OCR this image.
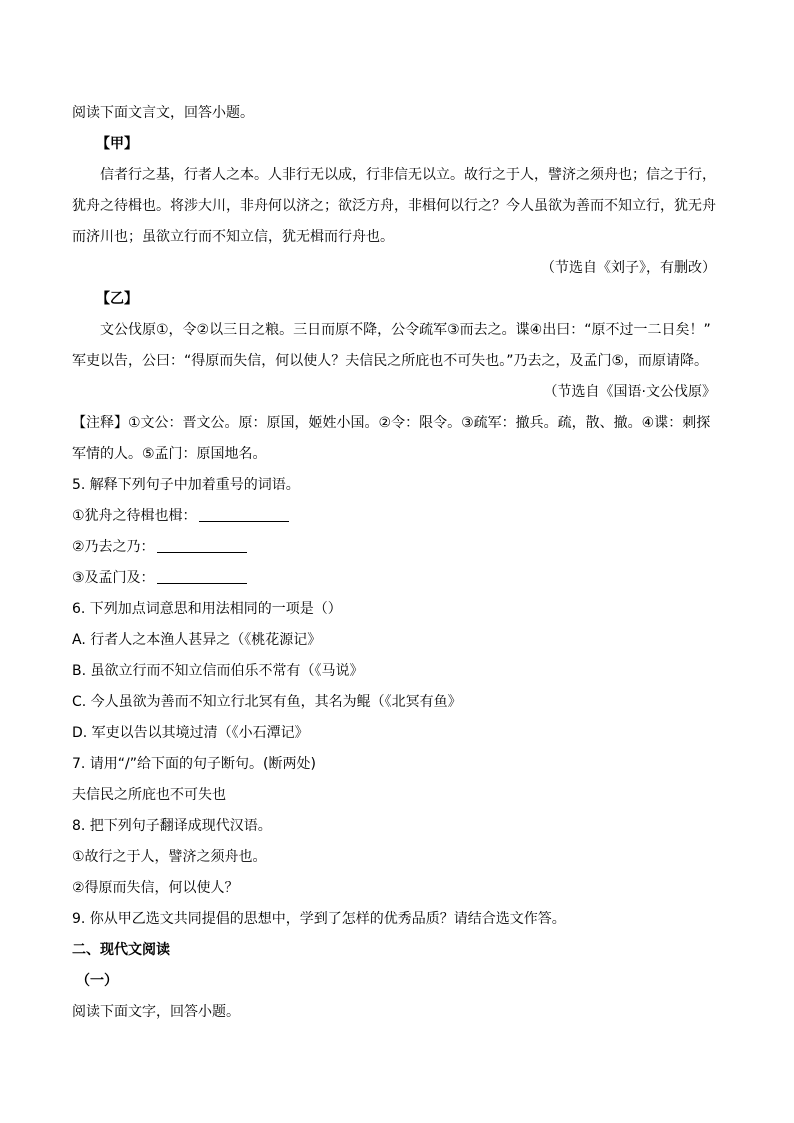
阅读下面文言文，回答小题。
【甲】
信者行之基，行者人之本。人非行无以成，行非信无以立。故行之于人，譬济之须舟也；信之于行，
犹舟之待楫也。将涉大川，非舟何以济之；欲泛方舟，非楫何以行之？今人虽欲为善而不知立行，犹无舟
而济川也；虽欲立行而不知立信，犹无楫而行舟也。
（节选自《刘子》，有删改）
【乙】
文公伐原①，令②以三日之粮。三日而原不降，公令疏军③而去之。谍④出曰：“原不过一二日矣！”
军吏以告，公曰：“得原而失信，何以使人？夫信民之所庇也不可失也。”乃去之，及孟门⑤，而原请降。
（节选自《国语·文公伐原》
【注释】①文公：晋文公。原：原国，姬姓小国。②令：限令。③疏军：撤兵。疏，散、撤。④谍：刺探
军情的人。⑤孟门：原国地名。
5. 解释下列句子中加着重号的词语。
①犹舟之待楫也楫：
②乃去之乃：
③及孟门及：
6. 下列加点词意思和用法相同的一项是（）
A. 行者人之本渔人甚异之（《桃花源记》
B. 虽欲立行而不知立信而伯乐不常有（《马说》
C. 今人虽欲为善而不知立行北冥有鱼，其名为鲲（《北冥有鱼》
D. 军吏以告以其境过清（《小石潭记》
7. 请用“/”给下面的句子断句。(断两处)
夫信民之所庇也不可失也
8. 把下列句子翻译成现代汉语。
①故行之于人，譬济之须舟也。
②得原而失信，何以使人？
9. 你从甲乙选文共同提倡的思想中，学到了怎样的优秀品质？请结合选文作答。
二、现代文阅读
（一）
阅读下面文字，回答小题。
